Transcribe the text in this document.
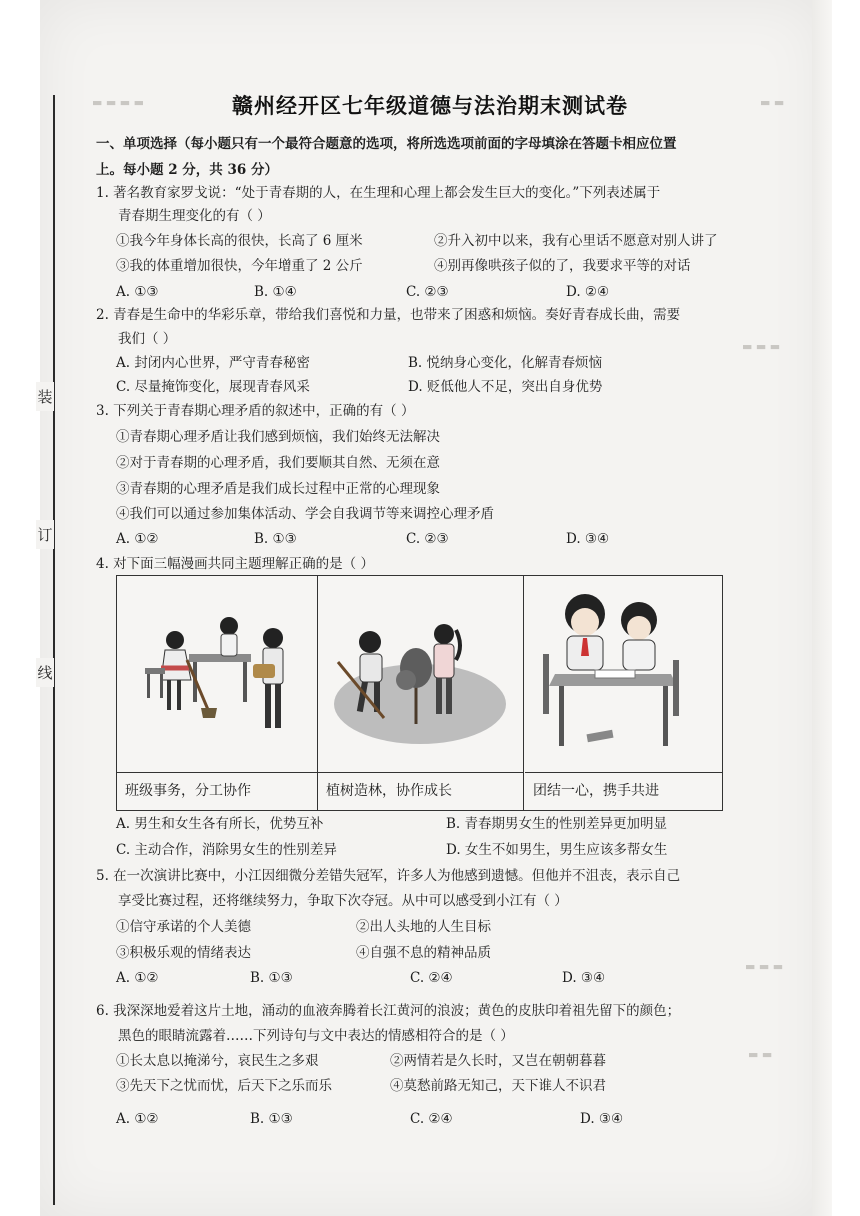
▬ ▬ ▬ ▬	▬ ▬
▬ ▬ ▬
▬ ▬ ▬
▬ ▬
装
订
线
赣州经开区七年级道德与法治期末测试卷
一、单项选择（每小题只有一个最符合题意的选项，将所选选项前面的字母填涂在答题卡相应位置
上。每小题 2 分，共 36 分）
1. 著名教育家罗戈说：“处于青春期的人，在生理和心理上都会发生巨大的变化。”下列表述属于
青春期生理变化的有（ ）
①我今年身体长高的很快，长高了 6 厘米	②升入初中以来，我有心里话不愿意对别人讲了
③我的体重增加很快，今年增重了 2 公斤	④别再像哄孩子似的了，我要求平等的对话
A. ①③	B. ①④	C. ②③	D. ②④
2. 青春是生命中的华彩乐章，带给我们喜悦和力量，也带来了困惑和烦恼。奏好青春成长曲，需要
我们（ ）
A. 封闭内心世界，严守青春秘密	B. 悦纳身心变化，化解青春烦恼
C. 尽量掩饰变化，展现青春风采	D. 贬低他人不足，突出自身优势
3. 下列关于青春期心理矛盾的叙述中，正确的有（ ）
①青春期心理矛盾让我们感到烦恼，我们始终无法解决
②对于青春期的心理矛盾，我们要顺其自然、无须在意
③青春期的心理矛盾是我们成长过程中正常的心理现象
④我们可以通过参加集体活动、学会自我调节等来调控心理矛盾
A. ①②	B. ①③	C. ②③	D. ③④
4. 对下面三幅漫画共同主题理解正确的是（ ）
班级事务，分工协作	植树造林，协作成长	团结一心，携手共进
A. 男生和女生各有所长，优势互补	B. 青春期男女生的性别差异更加明显
C. 主动合作，消除男女生的性别差异	D. 女生不如男生，男生应该多帮女生
5. 在一次演讲比赛中，小江因细微分差错失冠军，许多人为他感到遗憾。但他并不沮丧，表示自己
享受比赛过程，还将继续努力，争取下次夺冠。从中可以感受到小江有（ ）
①信守承诺的个人美德	②出人头地的人生目标
③积极乐观的情绪表达	④自强不息的精神品质
A. ①②	B. ①③	C. ②④	D. ③④
6. 我深深地爱着这片土地，涌动的血液奔腾着长江黄河的浪波；黄色的皮肤印着祖先留下的颜色；
黑色的眼睛流露着……下列诗句与文中表达的情感相符合的是（ ）
①长太息以掩涕兮，哀民生之多艰	②两情若是久长时，又岂在朝朝暮暮
③先天下之忧而忧，后天下之乐而乐	④莫愁前路无知己，天下谁人不识君
A. ①②	B. ①③	C. ②④	D. ③④
